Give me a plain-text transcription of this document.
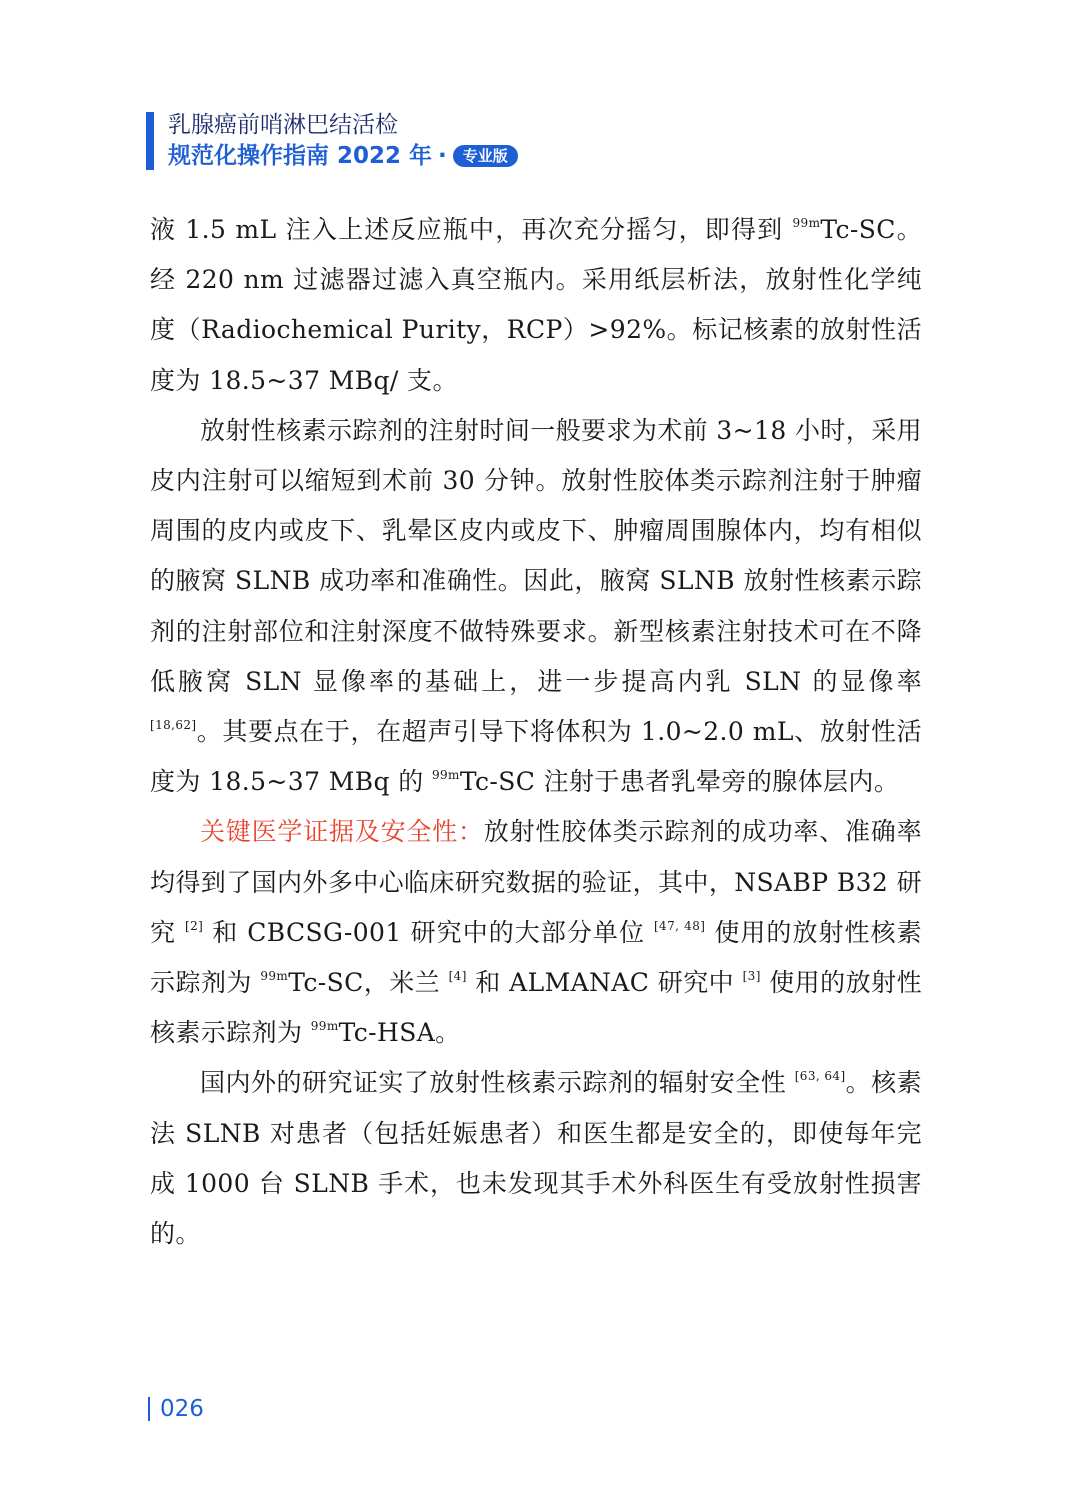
乳腺癌前哨淋巴结活检
规范化操作指南 2022 年 ·	专业版

液 1.5 mL 注入上述反应瓶中，再次充分摇匀，即得到 $^{99m}$Tc-SC。经 220 nm 过滤器过滤入真空瓶内。采用纸层析法，放射性化学纯度（Radiochemical Purity，RCP）>92%。标记核素的放射性活度为 18.5~37 MBq/ 支。

放射性核素示踪剂的注射时间一般要求为术前 3~18 小时，采用皮内注射可以缩短到术前 30 分钟。放射性胶体类示踪剂注射于肿瘤周围的皮内或皮下、乳晕区皮内或皮下、肿瘤周围腺体内，均有相似的腋窝 SLNB 成功率和准确性。因此，腋窝 SLNB 放射性核素示踪剂的注射部位和注射深度不做特殊要求。新型核素注射技术可在不降低腋窝 SLN 显像率的基础上，进一步提高内乳 SLN 的显像率 [18,62]。其要点在于，在超声引导下将体积为 1.0~2.0 mL、放射性活度为 18.5~37 MBq 的 $^{99m}$Tc-SC 注射于患者乳晕旁的腺体层内。

关键医学证据及安全性：放射性胶体类示踪剂的成功率、准确率均得到了国内外多中心临床研究数据的验证，其中，NSABP B32 研究 [2] 和 CBCSG-001 研究中的大部分单位 [47, 48] 使用的放射性核素示踪剂为 $^{99m}$Tc-SC，米兰 [4] 和 ALMANAC 研究中 [3] 使用的放射性核素示踪剂为 $^{99m}$Tc-HSA。

国内外的研究证实了放射性核素示踪剂的辐射安全性 [63, 64]。核素法 SLNB 对患者（包括妊娠患者）和医生都是安全的，即使每年完成 1000 台 SLNB 手术，也未发现其手术外科医生有受放射性损害的。

026
